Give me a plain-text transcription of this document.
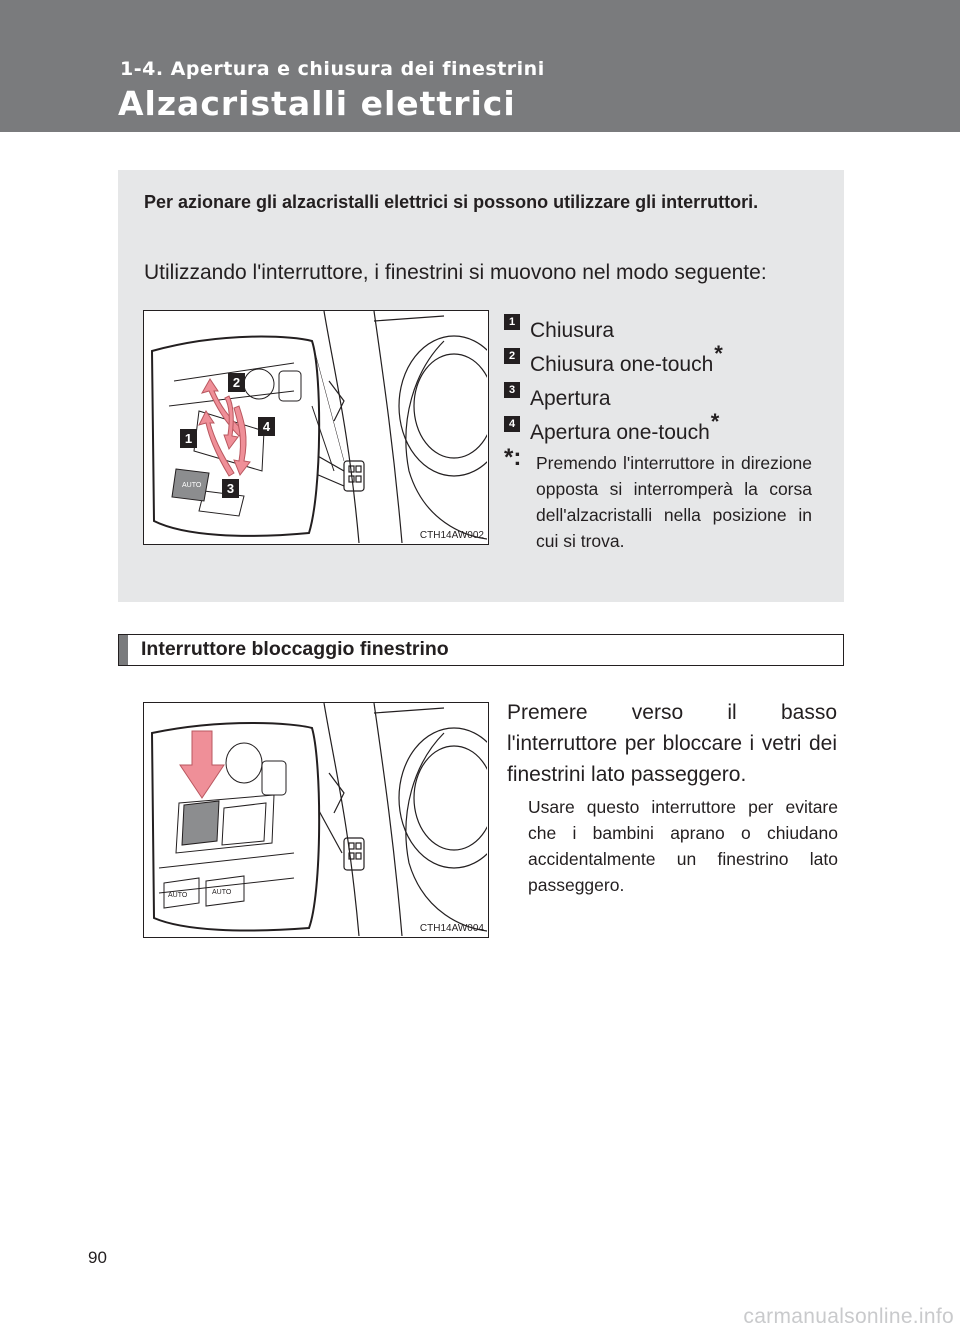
1-4. Apertura e chiusura dei finestrini
Alzacristalli elettrici
Per azionare gli alzacristalli elettrici si possono utilizzare gli interruttori.
Utilizzando l'interruttore, i finestrini si muovono nel modo seguente:
AUTO
1
2
3
4
CTH14AW002
1 Chiusura
2 Chiusura one-touch*
3 Apertura
4 Apertura one-touch*
*: Premendo l'interruttore in direzione opposta si interromperà la corsa dell'alzacristalli nella posizione in cui si trova.
Interruttore bloccaggio finestrino
AUTO	AUTO
CTH14AW004
Premere verso il basso l'interruttore per bloccare i vetri dei finestrini lato passeggero.
Usare questo interruttore per evitare che i bambini aprano o chiudano accidentalmente un finestrino lato passeggero.
90
carmanualsonline.info
